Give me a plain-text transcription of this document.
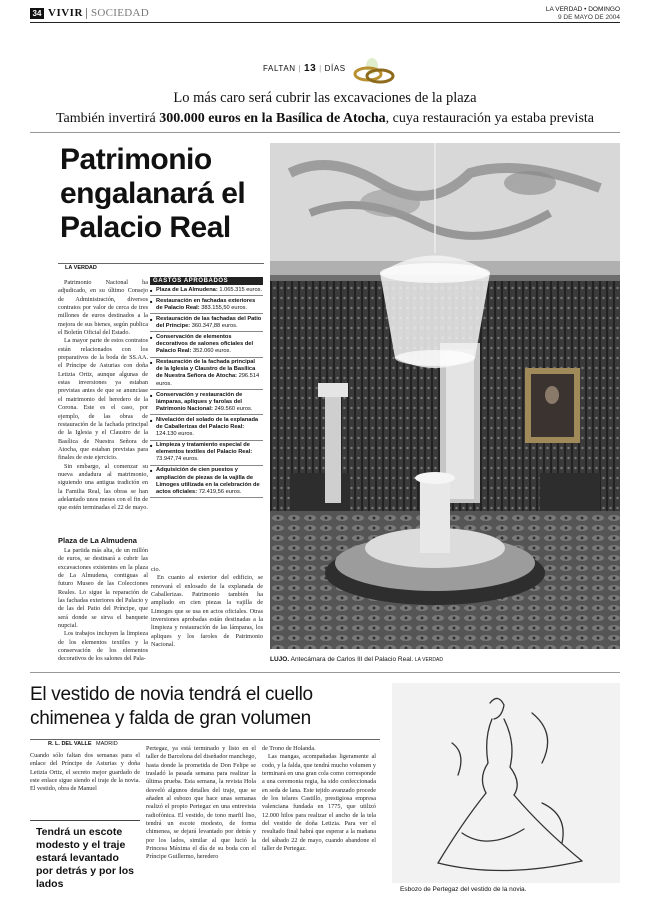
34 VIVIR SOCIEDAD	LA VERDAD • DOMINGO
9 DE MAYO DE 2004
FALTAN | 13 | DÍAS
Lo más caro será cubrir las excavaciones de la plaza
También invertirá 300.000 euros en la Basílica de Atocha, cuya restauración ya estaba prevista
Patrimonio engalanará el Palacio Real
LA VERDAD

Patrimonio Nacional ha adjudicado, en su último Consejo de Administración, diversos contratos por valor de cerca de tres millones de euros destinados a la mejora de sus bienes, según publica el Boletín Oficial del Estado.

La mayor parte de estos contratos están relacionados con los preparativos de la boda de SS.AA. el Príncipe de Asturias con doña Letizia Ortiz, aunque algunas de estas inversiones ya estaban previstas antes de que se anunciase el matrimonio del heredero de la Corona. Este es el caso, por ejemplo, de las obras de restauración de la fachada principal de la Iglesia y el Claustro de la Basílica de Nuestra Señora de Atocha, que estaban previstas para finales de este ejercicio.

Sin embargo, al comenzar su nueva andadura al matrimonio, siguiendo una antigua tradición en la Familia Real, las obras se han adelantado unos meses con el fin de que estén terminadas el 22 de mayo.

Plaza de La Almudena

La partida más alta, de un millón de euros, se destinará a cubrir las excavaciones existentes en la plaza de La Almudena, contiguas al futuro Museo de las Colecciones Reales. Lo sigue la reparación de las fachadas exteriores del Palacio y de las del Patio del Príncipe, que será donde se sirva el banquete nupcial.

Los trabajos incluyen la limpieza de los elementos textiles y la conservación de los elementos decorativos de los salones del Pala-

GASTOS APROBADOS
■ Plaza de La Almudena: 1.065.315 euros.
■ Restauración en fachadas exteriores de Palacio Real: 383.155,50 euros.
■ Restauración de las fachadas del Patio del Príncipe: 360.347,88 euros.
■ Conservación de elementos decorativos de salones oficiales del Palacio Real: 352.060 euros.
■ Restauración de la fachada principal de la Iglesia y Claustro de la Basílica de Nuestra Señora de Atocha: 296.514 euros.
■ Conservación y restauración de lámparas, apliques y farolas del Patrimonio Nacional: 249.560 euros.
■ Nivelación del solado de la explanada de Caballerizas del Palacio Real: 124.130 euros.
■ Limpieza y tratamiento especial de elementos textiles del Palacio Real: 73.947,74 euros.
■ Adquisición de cien puestos y ampliación de piezas de la vajilla de Limoges utilizada en la celebración de actos oficiales: 72.419,56 euros.

cio.

En cuanto al exterior del edificio, se renovará el enlosado de la explanada de Caballerizas. Patrimonio también ha ampliado en cien piezas la vajilla de Limoges que se usa en actos oficiales. Otras inversiones aprobadas están destinadas a la limpieza y restauración de las lámparas, los apliques y los faroles de Patrimonio Nacional.

LUJO. Antecámara de Carlos III del Palacio Real. LA VERDAD
El vestido de novia tendrá el cuello chimenea y falda de gran volumen
R. L. DEL VALLE MADRID

Cuando sólo faltan dos semanas para el enlace del Príncipe de Asturias y doña Letizia Ortiz, el secreto mejor guardado de este enlace sigue siendo el traje de la novia. El vestido, obra de Manuel

Tendrá un escote modesto y el traje estará levantado por detrás y por los lados

Pertegaz, ya está terminado y listo en el taller de Barcelona del diseñador manchego, hasta donde la prometida de Don Felipe se trasladó la pasada semana para realizar la última prueba. Esta semana, la revista Hola desveló algunos detalles del traje, que se añaden al esbozo que hace unas semanas realizó el propio Pertegaz en una entrevista radiofónica. El vestido, de tono marfil liso, tendrá un escote modesto, de forma chimenea, se dejará levantado por detrás y por los lados, similar al que lució la Princesa Máxima el día de su boda con el Príncipe Guillermo, heredero

de Trono de Holanda.

Las mangas, acompañadas ligeramente al codo, y la falda, que tendrá mucho volumen y terminará en una gran cola como corresponde a una ceremonia regia, ha sido confeccionada en seda de lana. Este tejido avanzado procede de los telares Castillo, prestigiosa empresa valenciana fundada en 1775, que utilizó 12.000 hilos para realizar el ancho de la tela del vestido de doña Letizia. Para ver el resultado final habrá que esperar a la mañana del sábado 22 de mayo, cuando abandone el taller de Pertegaz.

Esbozo de Pertegaz del vestido de la novia.
